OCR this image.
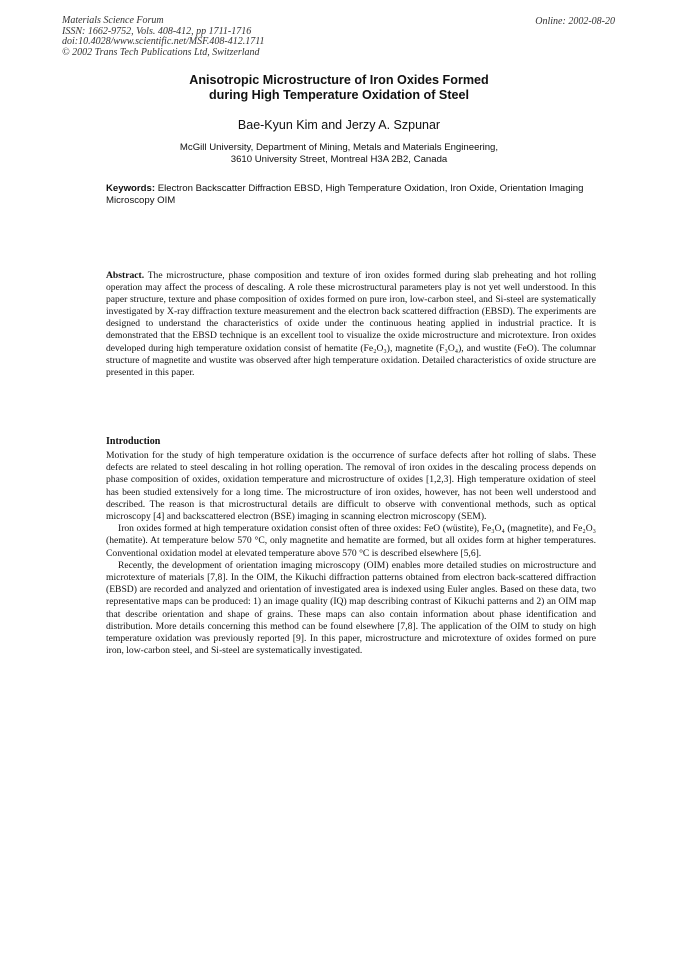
Materials Science Forum
ISSN: 1662-9752, Vols. 408-412, pp 1711-1716
doi:10.4028/www.scientific.net/MSF.408-412.1711
© 2002 Trans Tech Publications Ltd, Switzerland
Online: 2002-08-20
Anisotropic Microstructure of Iron Oxides Formed
during High Temperature Oxidation of Steel
Bae-Kyun Kim and Jerzy A. Szpunar
McGill University, Department of Mining, Metals and Materials Engineering,
3610 University Street, Montreal H3A 2B2, Canada
Keywords: Electron Backscatter Diffraction EBSD, High Temperature Oxidation, Iron Oxide, Orientation Imaging Microscopy OIM
Abstract. The microstructure, phase composition and texture of iron oxides formed during slab preheating and hot rolling operation may affect the process of descaling. A role these microstructural parameters play is not yet well understood. In this paper structure, texture and phase composition of oxides formed on pure iron, low-carbon steel, and Si-steel are systematically investigated by X-ray diffraction texture measurement and the electron back scattered diffraction (EBSD). The experiments are designed to understand the characteristics of oxide under the continuous heating applied in industrial practice. It is demonstrated that the EBSD technique is an excellent tool to visualize the oxide microstructure and microtexture. Iron oxides developed during high temperature oxidation consist of hematite (Fe₂O₃), magnetite (F₃O₄), and wustite (FeO). The columnar structure of magnetite and wustite was observed after high temperature oxidation. Detailed characteristics of oxide structure are presented in this paper.
Introduction

Motivation for the study of high temperature oxidation is the occurrence of surface defects after hot rolling of slabs. These defects are related to steel descaling in hot rolling operation. The removal of iron oxides in the descaling process depends on phase composition of oxides, oxidation temperature and microstructure of oxides [1,2,3]. High temperature oxidation of steel has been studied extensively for a long time. The microstructure of iron oxides, however, has not been well understood and described. The reason is that microstructural details are difficult to observe with conventional methods, such as optical microscopy [4] and backscattered electron (BSE) imaging in scanning electron microscopy (SEM).

Iron oxides formed at high temperature oxidation consist often of three oxides: FeO (wüstite), Fe₃O₄ (magnetite), and Fe₂O₃ (hematite). At temperature below 570 °C, only magnetite and hematite are formed, but all oxides form at higher temperatures. Conventional oxidation model at elevated temperature above 570 °C is described elsewhere [5,6].

Recently, the development of orientation imaging microscopy (OIM) enables more detailed studies on microstructure and microtexture of materials [7,8]. In the OIM, the Kikuchi diffraction patterns obtained from electron back-scattered diffraction (EBSD) are recorded and analyzed and orientation of investigated area is indexed using Euler angles. Based on these data, two representative maps can be produced: 1) an image quality (IQ) map describing contrast of Kikuchi patterns and 2) an OIM map that describe orientation and shape of grains. These maps can also contain information about phase identification and distribution. More details concerning this method can be found elsewhere [7,8]. The application of the OIM to study on high temperature oxidation was previously reported [9]. In this paper, microstructure and microtexture of oxides formed on pure iron, low-carbon steel, and Si-steel are systematically investigated.
